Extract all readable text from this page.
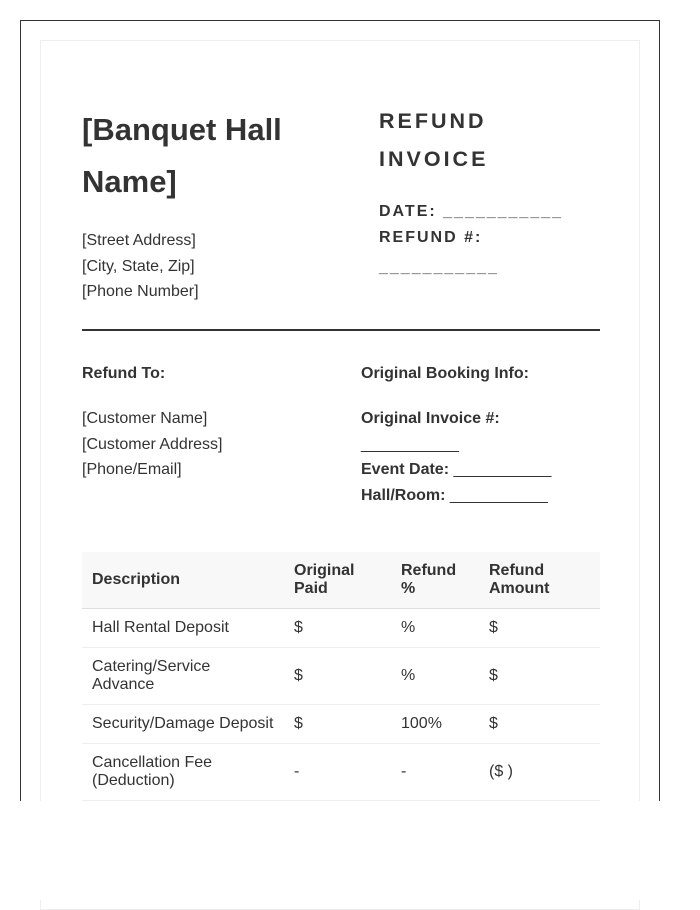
[Banquet Hall Name]
[Street Address]
[City, State, Zip]
[Phone Number]
REFUND INVOICE
DATE: ___________
REFUND #:
___________
Refund To:
[Customer Name]
[Customer Address]
[Phone/Email]
Original Booking Info:
Original Invoice #:
___________
Event Date: ___________
Hall/Room: ___________
Description	Original Paid	Refund %	Refund Amount
Hall Rental Deposit	$	%	$
Catering/Service Advance	$	%	$
Security/Damage Deposit	$	100%	$
Cancellation Fee (Deduction)	-	-	($ )
